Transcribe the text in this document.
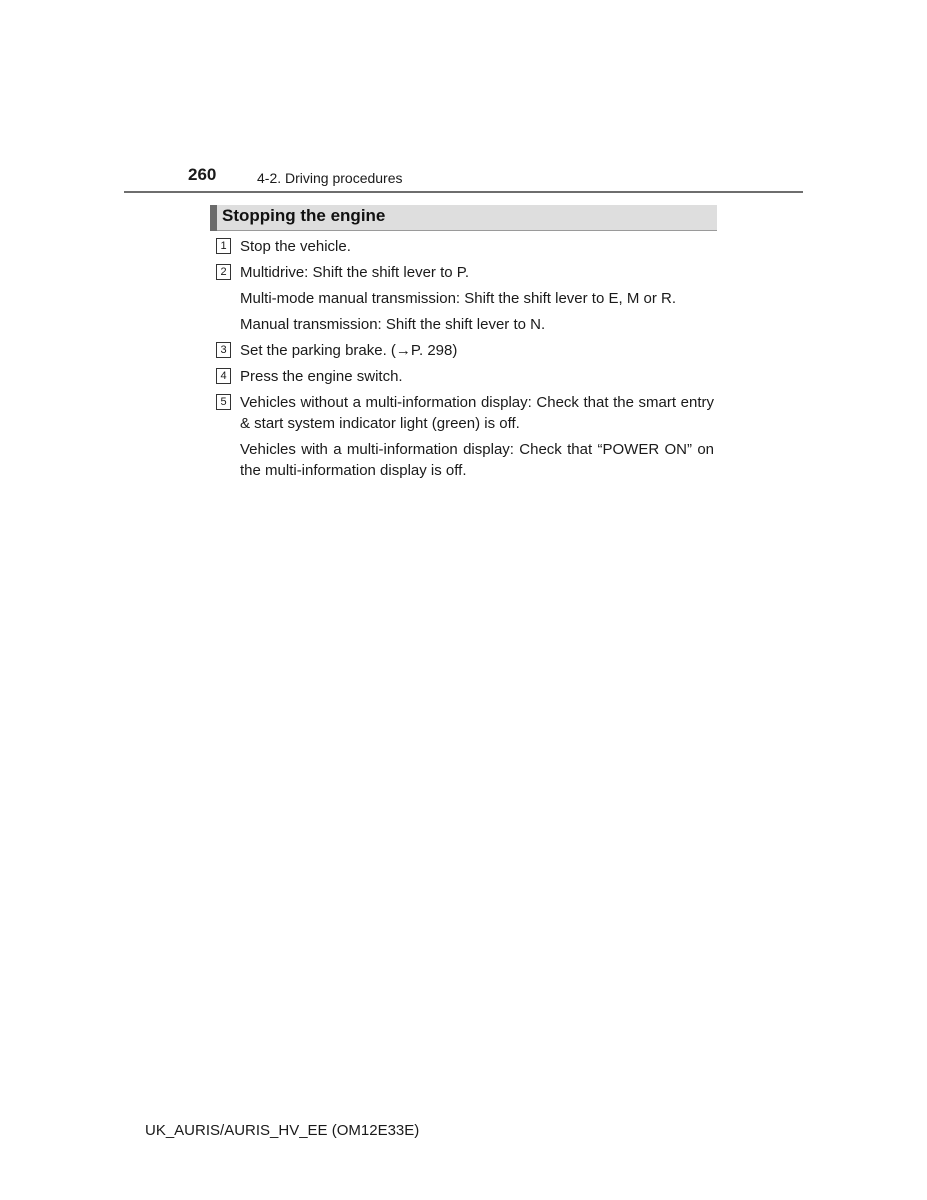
260	4-2. Driving procedures
Stopping the engine
1 Stop the vehicle.
2 Multidrive: Shift the shift lever to P.
Multi-mode manual transmission: Shift the shift lever to E, M or R.
Manual transmission: Shift the shift lever to N.
3 Set the parking brake. (→P. 298)
4 Press the engine switch.
5 Vehicles without a multi-information display: Check that the smart entry & start system indicator light (green) is off.
Vehicles with a multi-information display: Check that “POWER ON” on the multi-information display is off.
UK_AURIS/AURIS_HV_EE (OM12E33E)
